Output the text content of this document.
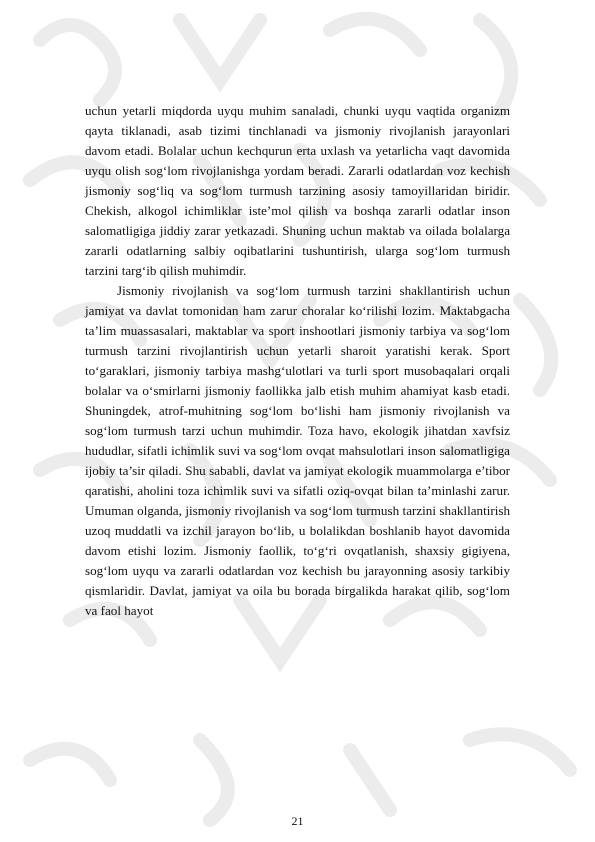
uchun yetarli miqdorda uyqu muhim sanaladi, chunki uyqu vaqtida organizm qayta tiklanadi, asab tizimi tinchlanadi va jismoniy rivojlanish jarayonlari davom etadi. Bolalar uchun kechqurun erta uxlash va yetarlicha vaqt davomida uyqu olish sog‘lom rivojlanishga yordam beradi. Zararli odatlardan voz kechish jismoniy sog‘liq va sog‘lom turmush tarzining asosiy tamoyillaridan biridir. Chekish, alkogol ichimliklar iste’mol qilish va boshqa zararli odatlar inson salomatligiga jiddiy zarar yetkazadi. Shuning uchun maktab va oilada bolalarga zararli odatlarning salbiy oqibatlarini tushuntirish, ularga sog‘lom turmush tarzini targ‘ib qilish muhimdir.

Jismoniy rivojlanish va sog‘lom turmush tarzini shakllantirish uchun jamiyat va davlat tomonidan ham zarur choralar ko‘rilishi lozim. Maktabgacha ta’lim muassasalari, maktablar va sport inshootlari jismoniy tarbiya va sog‘lom turmush tarzini rivojlantirish uchun yetarli sharoit yaratishi kerak. Sport to‘garaklari, jismoniy tarbiya mashg‘ulotlari va turli sport musobaqalari orqali bolalar va o‘smirlarni jismoniy faollikka jalb etish muhim ahamiyat kasb etadi. Shuningdek, atrof-muhitning sog‘lom bo‘lishi ham jismoniy rivojlanish va sog‘lom turmush tarzi uchun muhimdir. Toza havo, ekologik jihatdan xavfsiz hududlar, sifatli ichimlik suvi va sog‘lom ovqat mahsulotlari inson salomatligiga ijobiy ta’sir qiladi. Shu sababli, davlat va jamiyat ekologik muammolarga e’tibor qaratishi, aholini toza ichimlik suvi va sifatli oziq-ovqat bilan ta’minlashi zarur. Umuman olganda, jismoniy rivojlanish va sog‘lom turmush tarzini shakllantirish uzoq muddatli va izchil jarayon bo‘lib, u bolalikdan boshlanib hayot davomida davom etishi lozim. Jismoniy faollik, to‘g‘ri ovqatlanish, shaxsiy gigiyena, sog‘lom uyqu va zararli odatlardan voz kechish bu jarayonning asosiy tarkibiy qismlaridir. Davlat, jamiyat va oila bu borada birgalikda harakat qilib, sog‘lom va faol hayot

21
